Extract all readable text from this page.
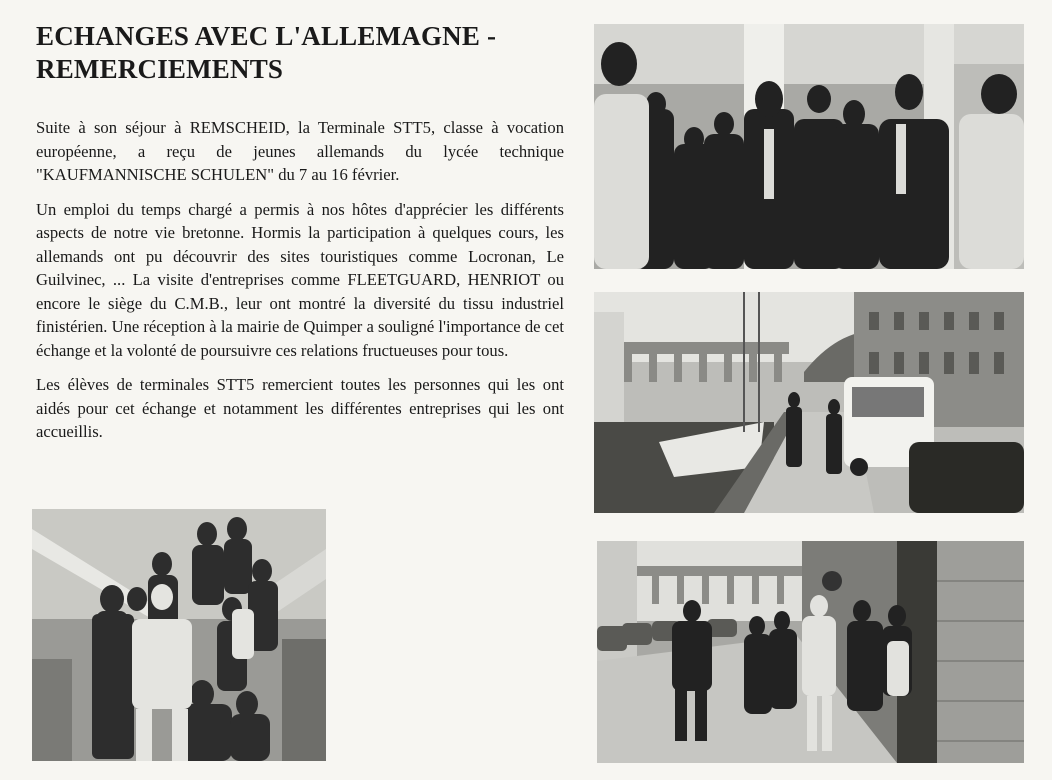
ECHANGES AVEC L'ALLEMAGNE -
REMERCIEMENTS

Suite à son séjour à REMSCHEID, la Terminale STT5, classe à vocation européenne, a reçu de jeunes allemands du lycée technique "KAUFMANNISCHE SCHULEN" du 7 au 16 février.

Un emploi du temps chargé a permis à nos hôtes d'apprécier les différents aspects de notre vie bretonne. Hormis la participation à quelques cours, les allemands ont pu découvrir des sites touristiques comme Locronan, Le Guilvinec, ... La visite d'entreprises comme FLEETGUARD, HENRIOT ou encore le siège du C.M.B., leur ont montré la diversité du tissu industriel finistérien. Une réception à la mairie de Quimper a souligné l'importance de cet échange et la volonté de poursuivre ces relations fructueuses pour tous.

Les élèves de terminales STT5 remercient toutes les personnes qui les ont aidés pour cet échange et notamment les différentes entreprises qui les ont accueillis.
